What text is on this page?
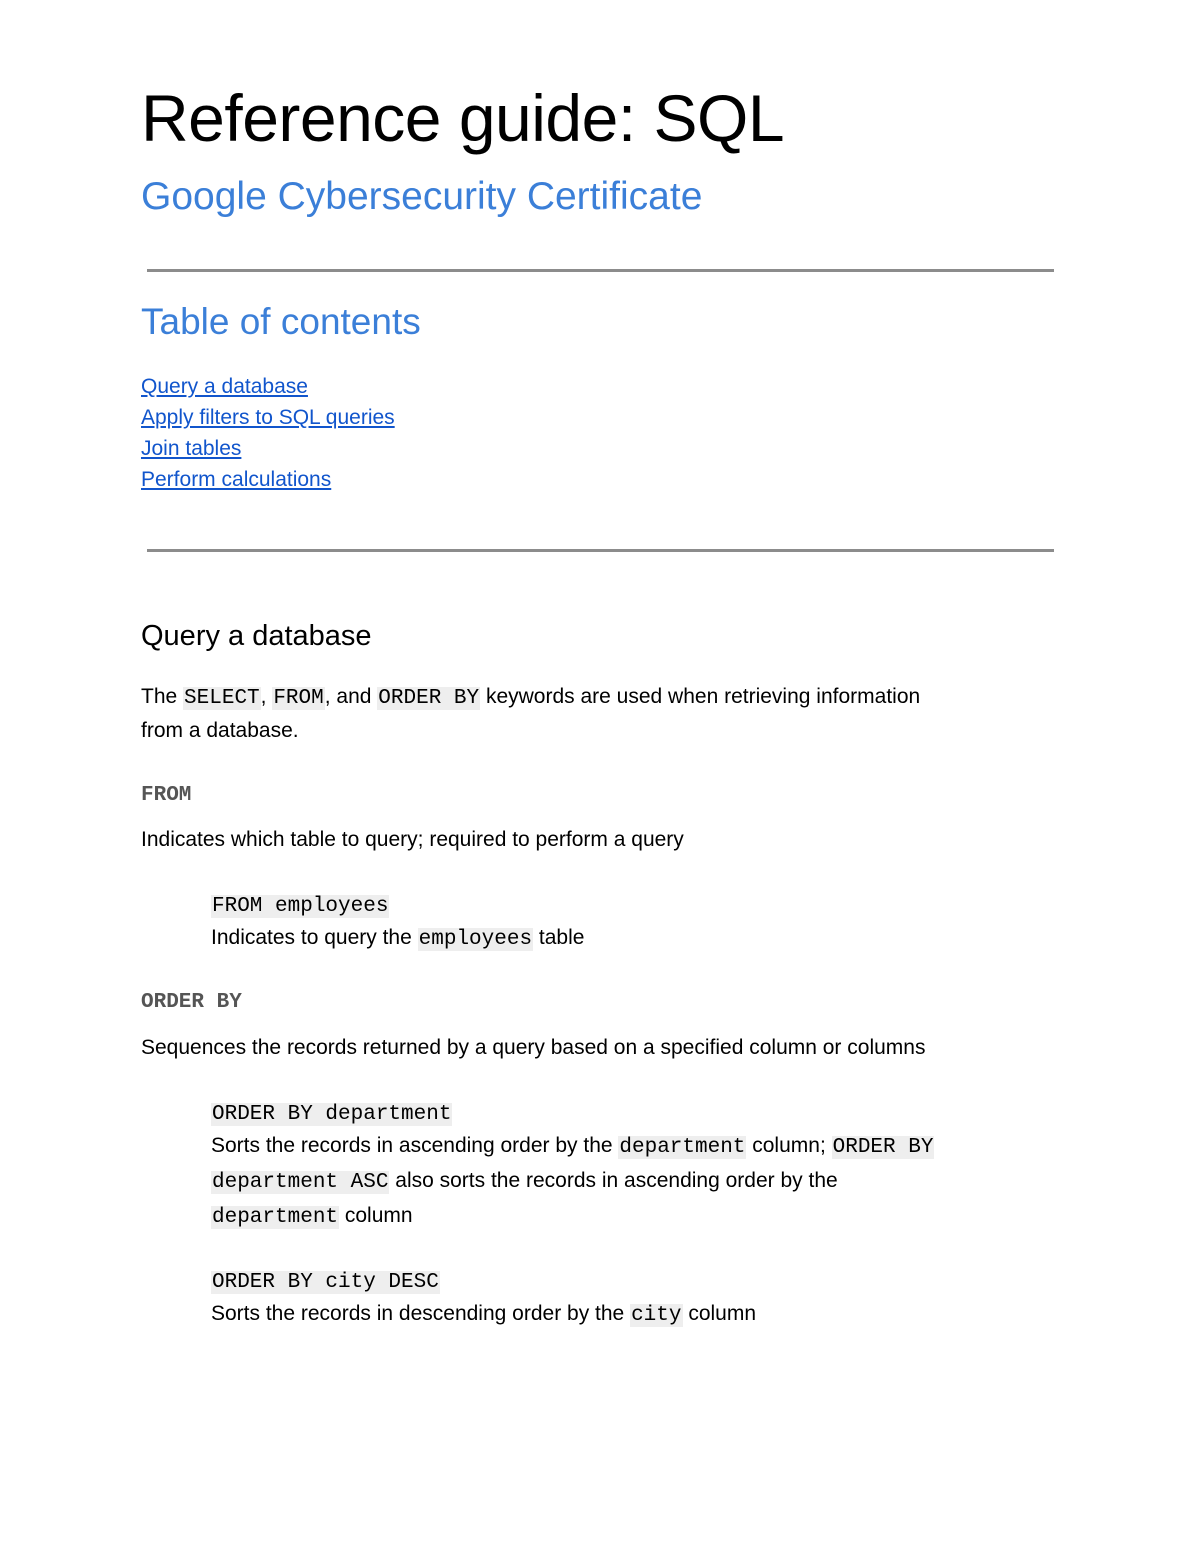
Reference guide: SQL
Google Cybersecurity Certificate
Table of contents
Query a database
Apply filters to SQL queries
Join tables
Perform calculations
Query a database
The SELECT, FROM, and ORDER BY keywords are used when retrieving information
from a database.
FROM
Indicates which table to query; required to perform a query
FROM employees
Indicates to query the employees table
ORDER BY
Sequences the records returned by a query based on a specified column or columns
ORDER BY department
Sorts the records in ascending order by the department column; ORDER BY
department ASC also sorts the records in ascending order by the
department column
ORDER BY city DESC
Sorts the records in descending order by the city column
